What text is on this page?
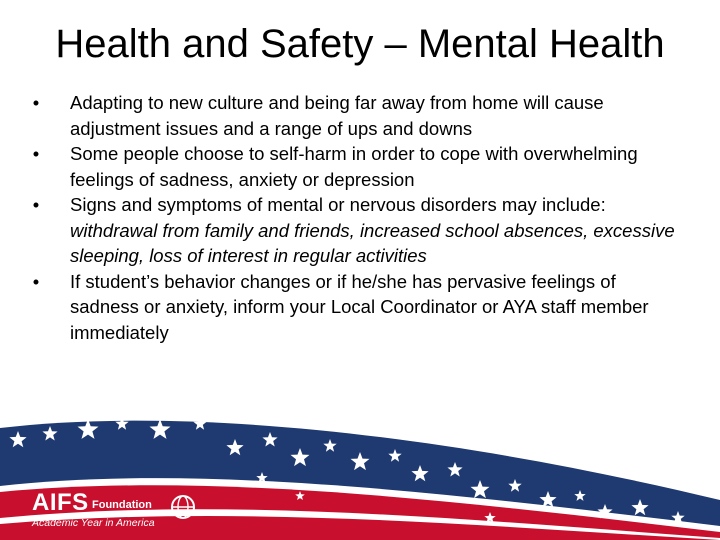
Health and Safety – Mental Health
•	Adapting to new culture and being far away from home will cause adjustment issues and a range of ups and downs
•	Some people choose to self-harm in order to cope with overwhelming feelings of sadness, anxiety or depression
•	Signs and symptoms of mental or nervous disorders may include: withdrawal from family and friends, increased school absences, excessive sleeping, loss of interest in regular activities
•	If student’s behavior changes or if he/she has pervasive feelings of sadness or anxiety, inform your Local Coordinator or AYA staff member immediately
AIFS Foundation
Academic Year in America
